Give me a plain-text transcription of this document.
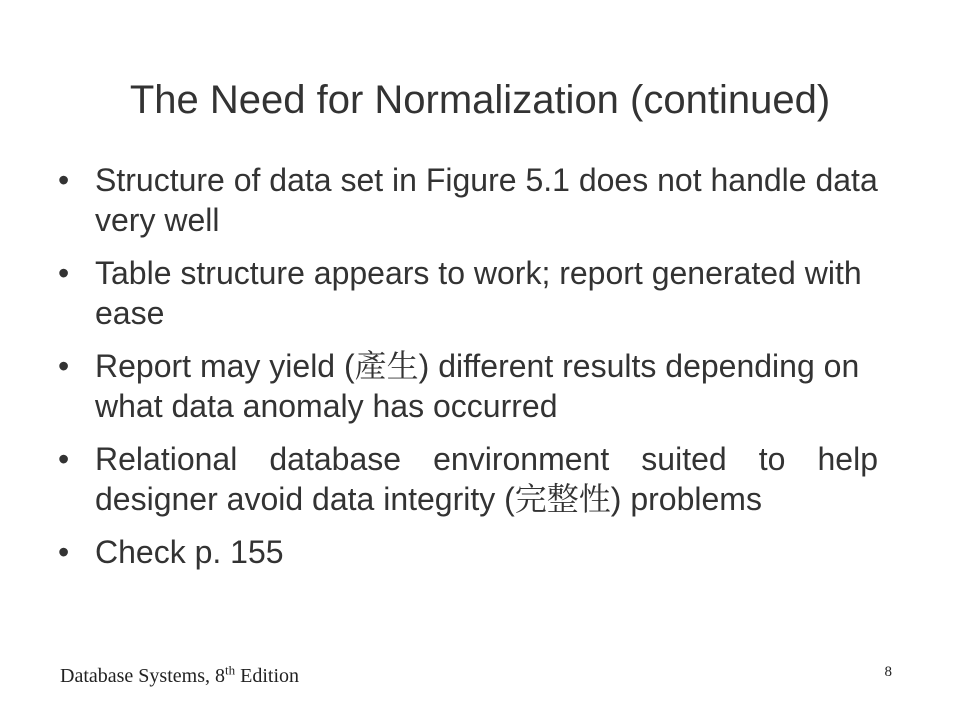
The Need for Normalization (continued)
• Structure of data set in Figure 5.1 does not handle data very well
• Table structure appears to work; report generated with ease
• Report may yield (產生) different results depending on what data anomaly has occurred
• Relational database environment suited to help designer avoid data integrity (完整性) problems
• Check p. 155
Database Systems, 8th Edition	8
